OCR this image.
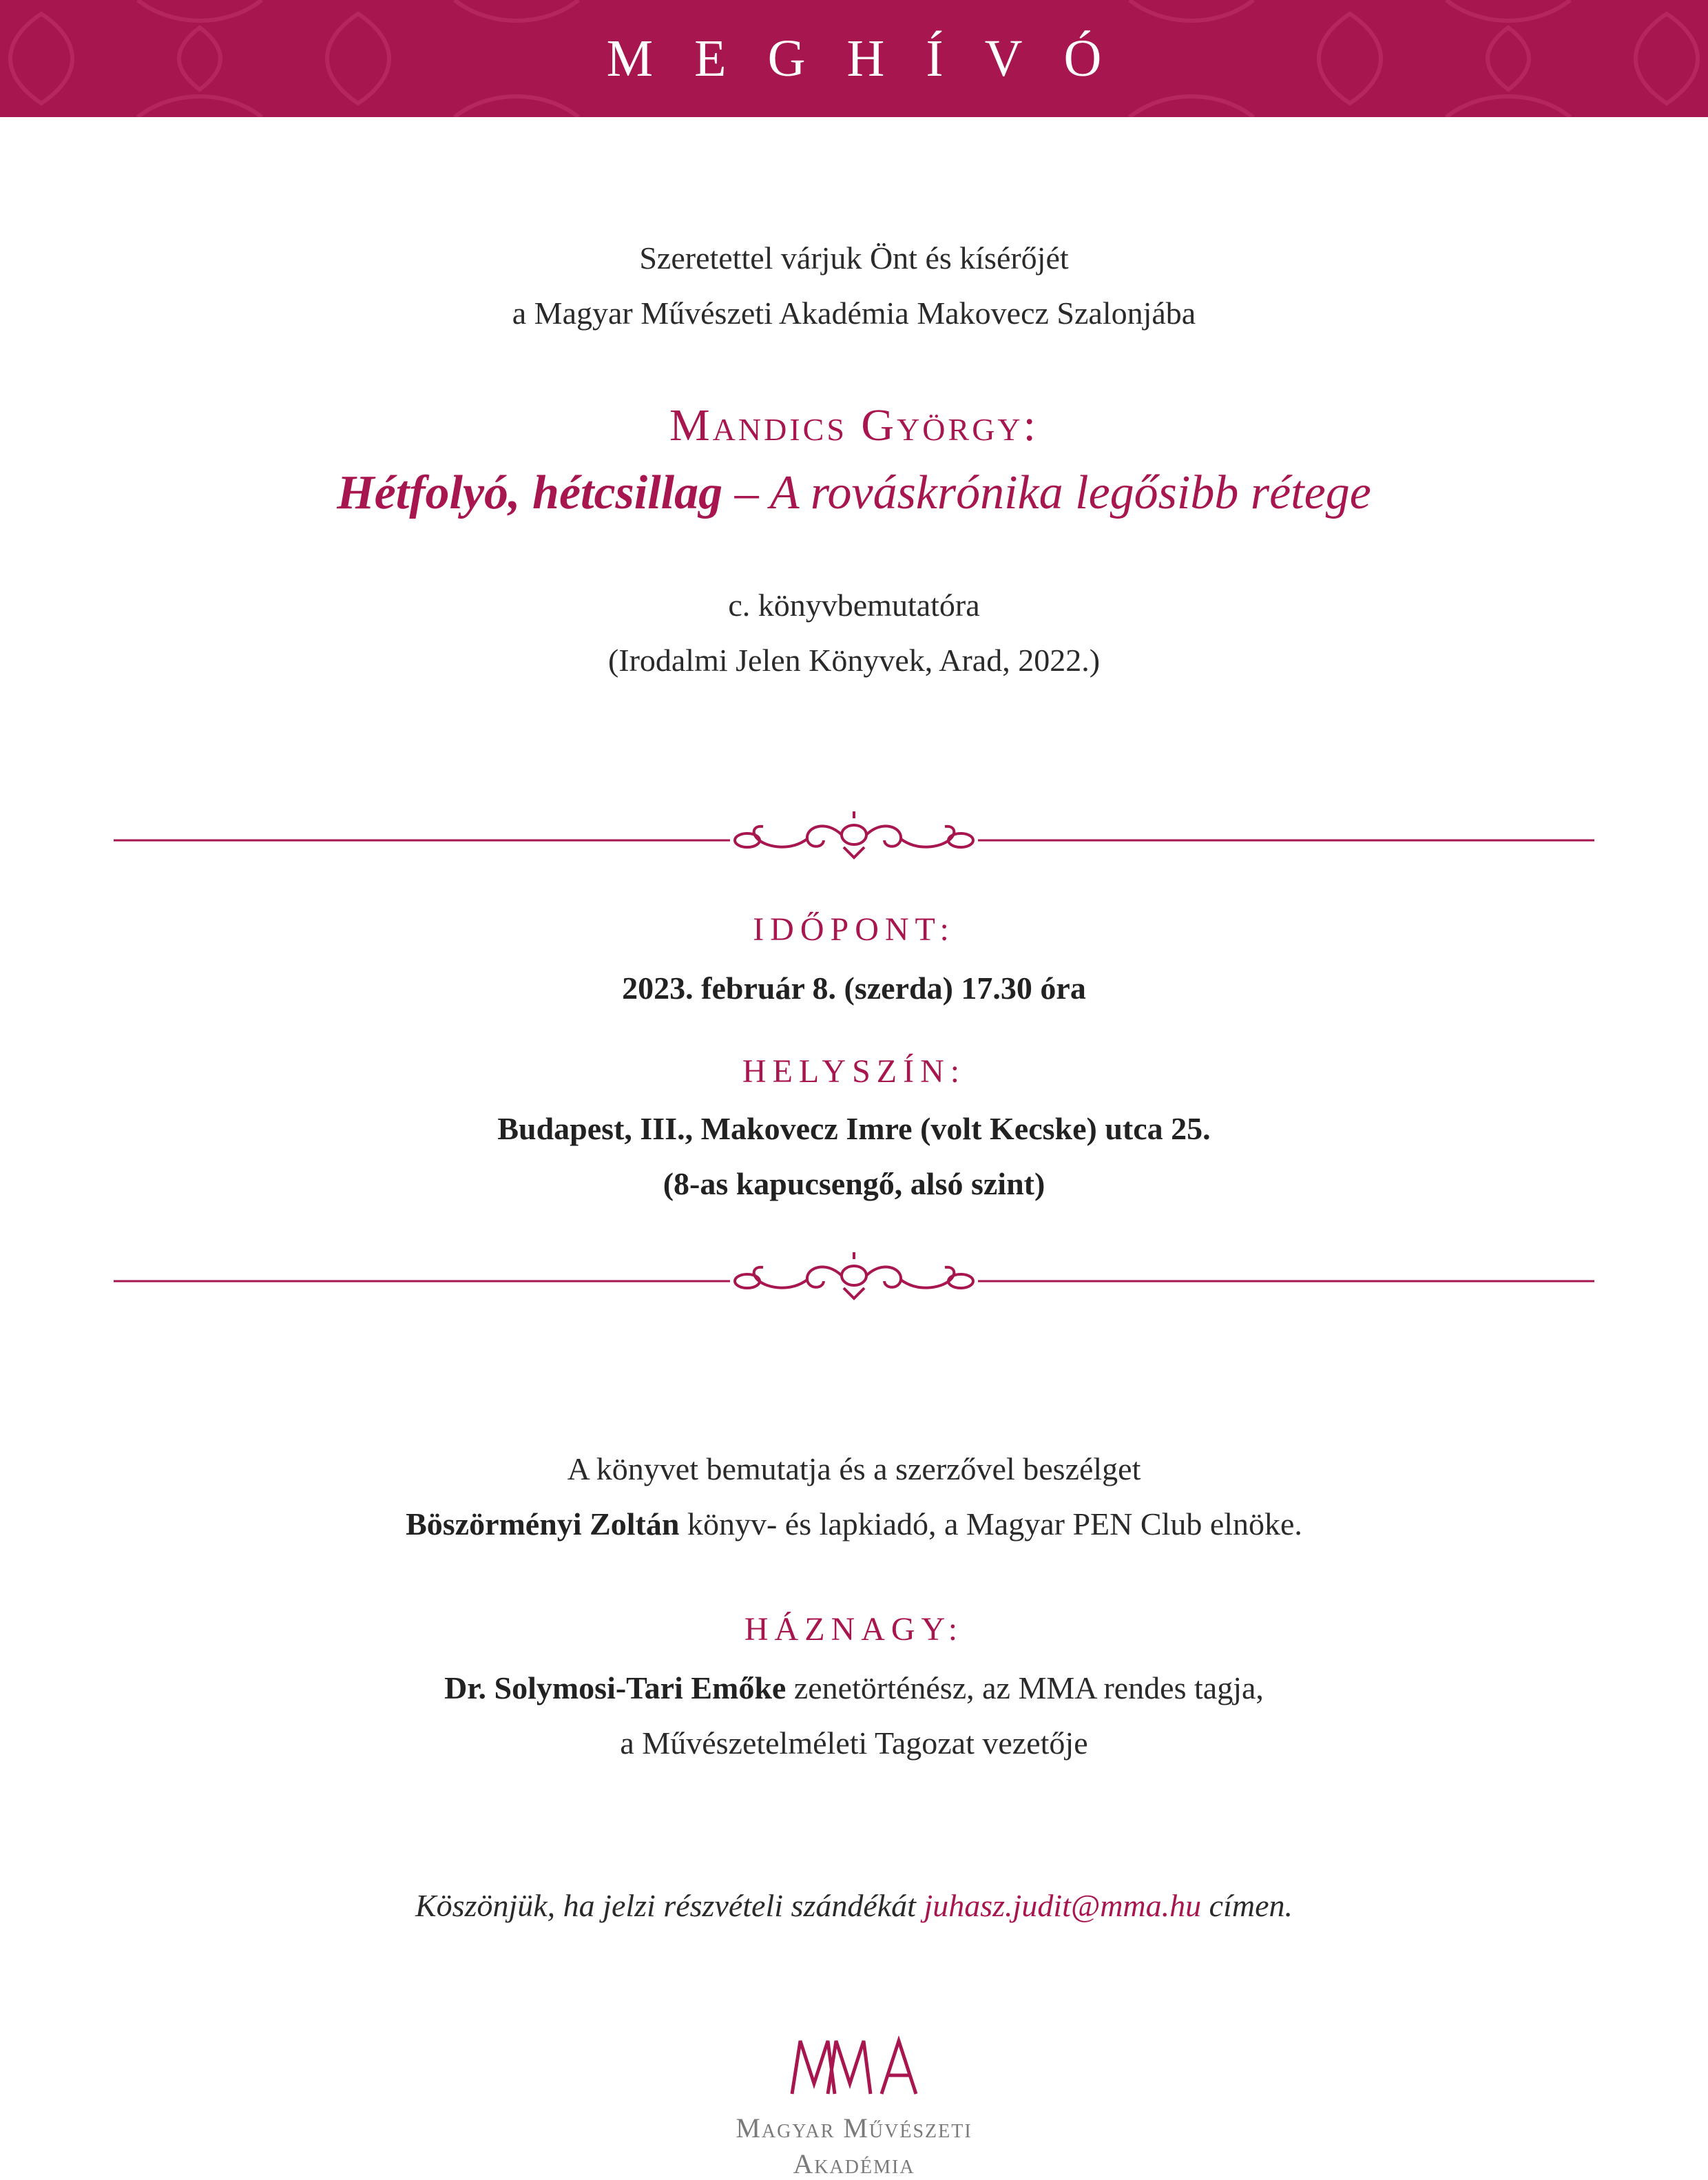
MEGHÍVÓ
Szeretettel várjuk Önt és kísérőjét
a Magyar Művészeti Akadémia Makovecz Szalonjába
Mandics György:
Hétfolyó, hétcsillag – A rováskrónika legősibb rétege
c. könyvbemutatóra
(Irodalmi Jelen Könyvek, Arad, 2022.)
IDŐPONT:
2023. február 8. (szerda) 17.30 óra
HELYSZÍN:
Budapest, III., Makovecz Imre (volt Kecske) utca 25.
(8-as kapucsengő, alsó szint)
A könyvet bemutatja és a szerzővel beszélget
Böszörményi Zoltán könyv- és lapkiadó, a Magyar PEN Club elnöke.
HÁZNAGY:
Dr. Solymosi-Tari Emőke zenetörténész, az MMA rendes tagja,
a Művészetelméleti Tagozat vezetője
Köszönjük, ha jelzi részvételi szándékát juhasz.judit@mma.hu címen.
Magyar Művészeti
Akadémia
